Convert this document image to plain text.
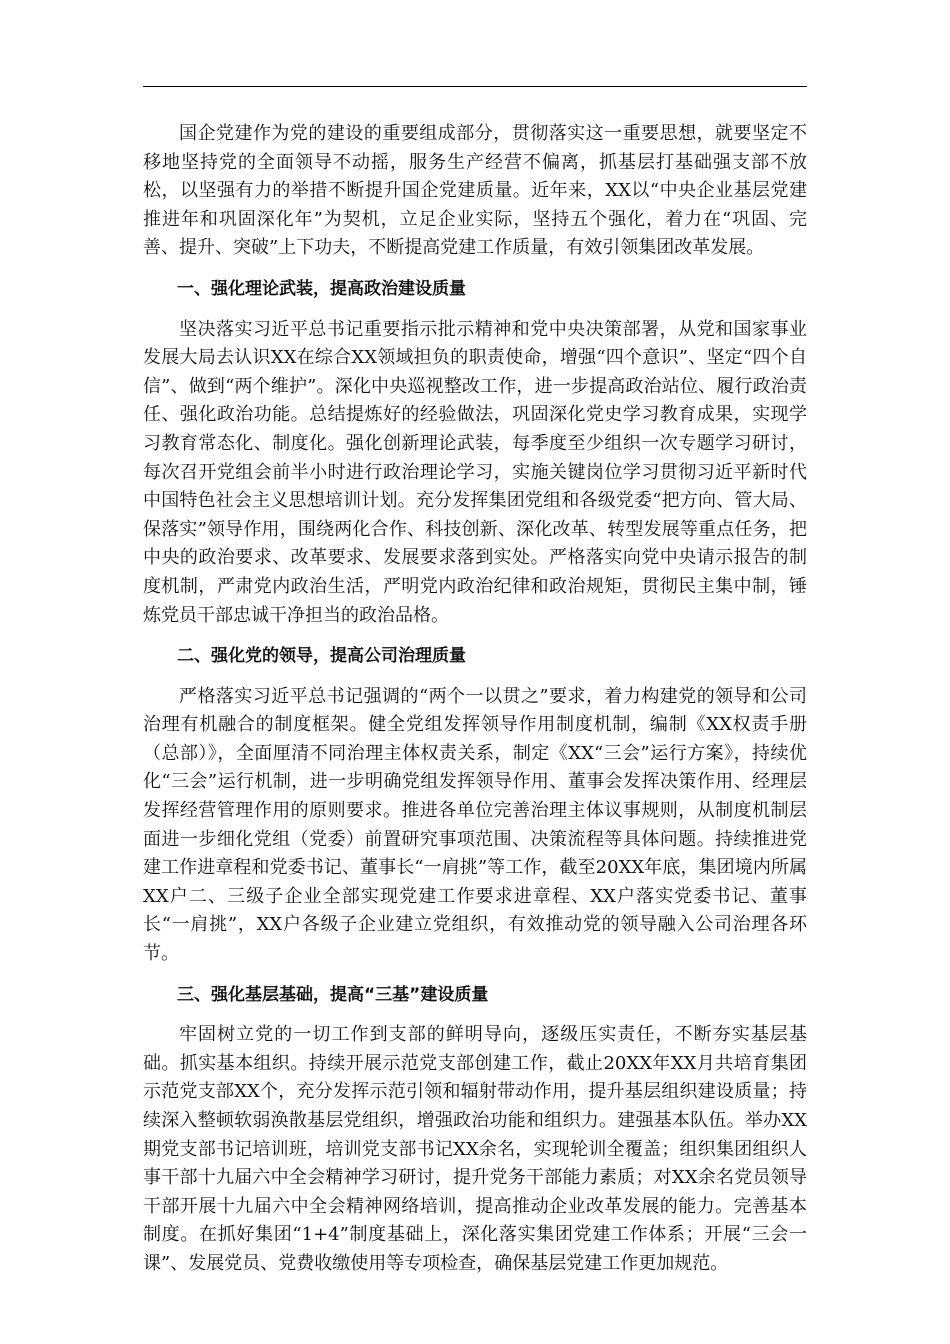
国企党建作为党的建设的重要组成部分，贯彻落实这一重要思想，就要坚定不移地坚持党的全面领导不动摇，服务生产经营不偏离，抓基层打基础强支部不放松，以坚强有力的举措不断提升国企党建质量。近年来，XX以“中央企业基层党建推进年和巩固深化年”为契机，立足企业实际，坚持五个强化，着力在“巩固、完善、提升、突破”上下功夫，不断提高党建工作质量，有效引领集团改革发展。

一、强化理论武装，提高政治建设质量

坚决落实习近平总书记重要指示批示精神和党中央决策部署，从党和国家事业发展大局去认识XX在综合XX领域担负的职责使命，增强“四个意识”、坚定“四个自信”、做到“两个维护”。深化中央巡视整改工作，进一步提高政治站位、履行政治责任、强化政治功能。总结提炼好的经验做法，巩固深化党史学习教育成果，实现学习教育常态化、制度化。强化创新理论武装，每季度至少组织一次专题学习研讨，每次召开党组会前半小时进行政治理论学习，实施关键岗位学习贯彻习近平新时代中国特色社会主义思想培训计划。充分发挥集团党组和各级党委“把方向、管大局、保落实”领导作用，围绕两化合作、科技创新、深化改革、转型发展等重点任务，把中央的政治要求、改革要求、发展要求落到实处。严格落实向党中央请示报告的制度机制，严肃党内政治生活，严明党内政治纪律和政治规矩，贯彻民主集中制，锤炼党员干部忠诚干净担当的政治品格。

二、强化党的领导，提高公司治理质量

严格落实习近平总书记强调的“两个一以贯之”要求，着力构建党的领导和公司治理有机融合的制度框架。健全党组发挥领导作用制度机制，编制《XX权责手册（总部）》，全面厘清不同治理主体权责关系，制定《XX“三会”运行方案》，持续优化“三会”运行机制，进一步明确党组发挥领导作用、董事会发挥决策作用、经理层发挥经营管理作用的原则要求。推进各单位完善治理主体议事规则，从制度机制层面进一步细化党组（党委）前置研究事项范围、决策流程等具体问题。持续推进党建工作进章程和党委书记、董事长“一肩挑”等工作，截至20XX年底，集团境内所属XX户二、三级子企业全部实现党建工作要求进章程、XX户落实党委书记、董事长“一肩挑”，XX户各级子企业建立党组织，有效推动党的领导融入公司治理各环节。

三、强化基层基础，提高“三基”建设质量

牢固树立党的一切工作到支部的鲜明导向，逐级压实责任，不断夯实基层基础。抓实基本组织。持续开展示范党支部创建工作，截止20XX年XX月共培育集团示范党支部XX个，充分发挥示范引领和辐射带动作用，提升基层组织建设质量；持续深入整顿软弱涣散基层党组织，增强政治功能和组织力。建强基本队伍。举办XX期党支部书记培训班，培训党支部书记XX余名，实现轮训全覆盖；组织集团组织人事干部十九届六中全会精神学习研讨，提升党务干部能力素质；对XX余名党员领导干部开展十九届六中全会精神网络培训，提高推动企业改革发展的能力。完善基本制度。在抓好集团“1+4”制度基础上，深化落实集团党建工作体系；开展“三会一课”、发展党员、党费收缴使用等专项检查，确保基层党建工作更加规范。
